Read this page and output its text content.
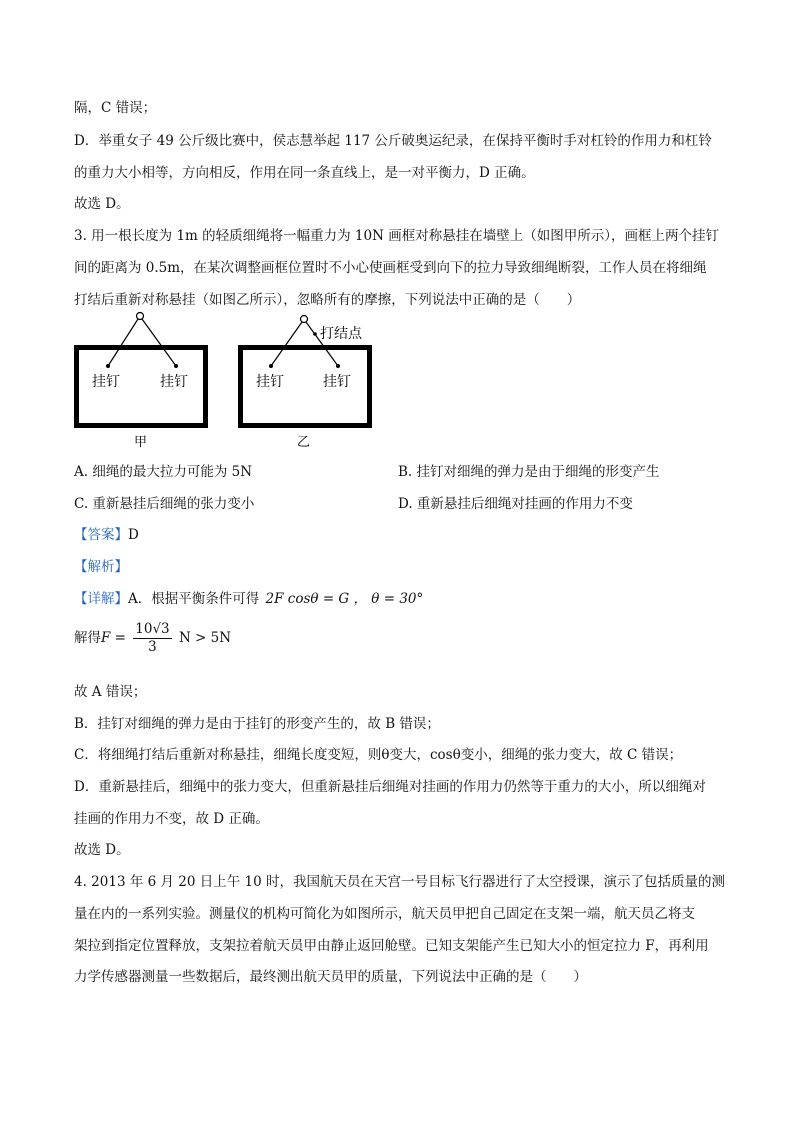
隔，C 错误；
D．举重女子 49 公斤级比赛中，侯志慧举起 117 公斤破奥运纪录，在保持平衡时手对杠铃的作用力和杠铃
的重力大小相等，方向相反，作用在同一条直线上，是一对平衡力，D 正确。
故选 D。
3. 用一根长度为 1m 的轻质细绳将一幅重力为 10N 画框对称悬挂在墙壁上（如图甲所示），画框上两个挂钉
间的距离为 0.5m，在某次调整画框位置时不小心使画框受到向下的拉力导致细绳断裂，工作人员在将细绳
打结后重新对称悬挂（如图乙所示），忽略所有的摩擦，下列说法中正确的是（　　）
挂钉	挂钉
甲
打结点
挂钉	挂钉
乙
A. 细绳的最大拉力可能为 5N	B. 挂钉对细绳的弹力是由于细绳的形变产生
C. 重新悬挂后细绳的张力变小	D. 重新悬挂后细绳对挂画的作用力不变
【答案】D
【解析】
【详解】A．根据平衡条件可得 2F cosθ = G ， θ = 30°
解得$F = \frac{10√3}{3}$ N > 5N
故 A 错误；
B．挂钉对细绳的弹力是由于挂钉的形变产生的，故 B 错误；
C．将细绳打结后重新对称悬挂，细绳长度变短，则θ变大，cosθ变小，细绳的张力变大，故 C 错误；
D．重新悬挂后，细绳中的张力变大，但重新悬挂后细绳对挂画的作用力仍然等于重力的大小，所以细绳对
挂画的作用力不变，故 D 正确。
故选 D。
4. 2013 年 6 月 20 日上午 10 时，我国航天员在天宫一号目标飞行器进行了太空授课，演示了包括质量的测
量在内的一系列实验。测量仪的机构可简化为如图所示，航天员甲把自己固定在支架一端，航天员乙将支
架拉到指定位置释放，支架拉着航天员甲由静止返回舱壁。已知支架能产生已知大小的恒定拉力 F，再利用
力学传感器测量一些数据后，最终测出航天员甲的质量，下列说法中正确的是（　　）
